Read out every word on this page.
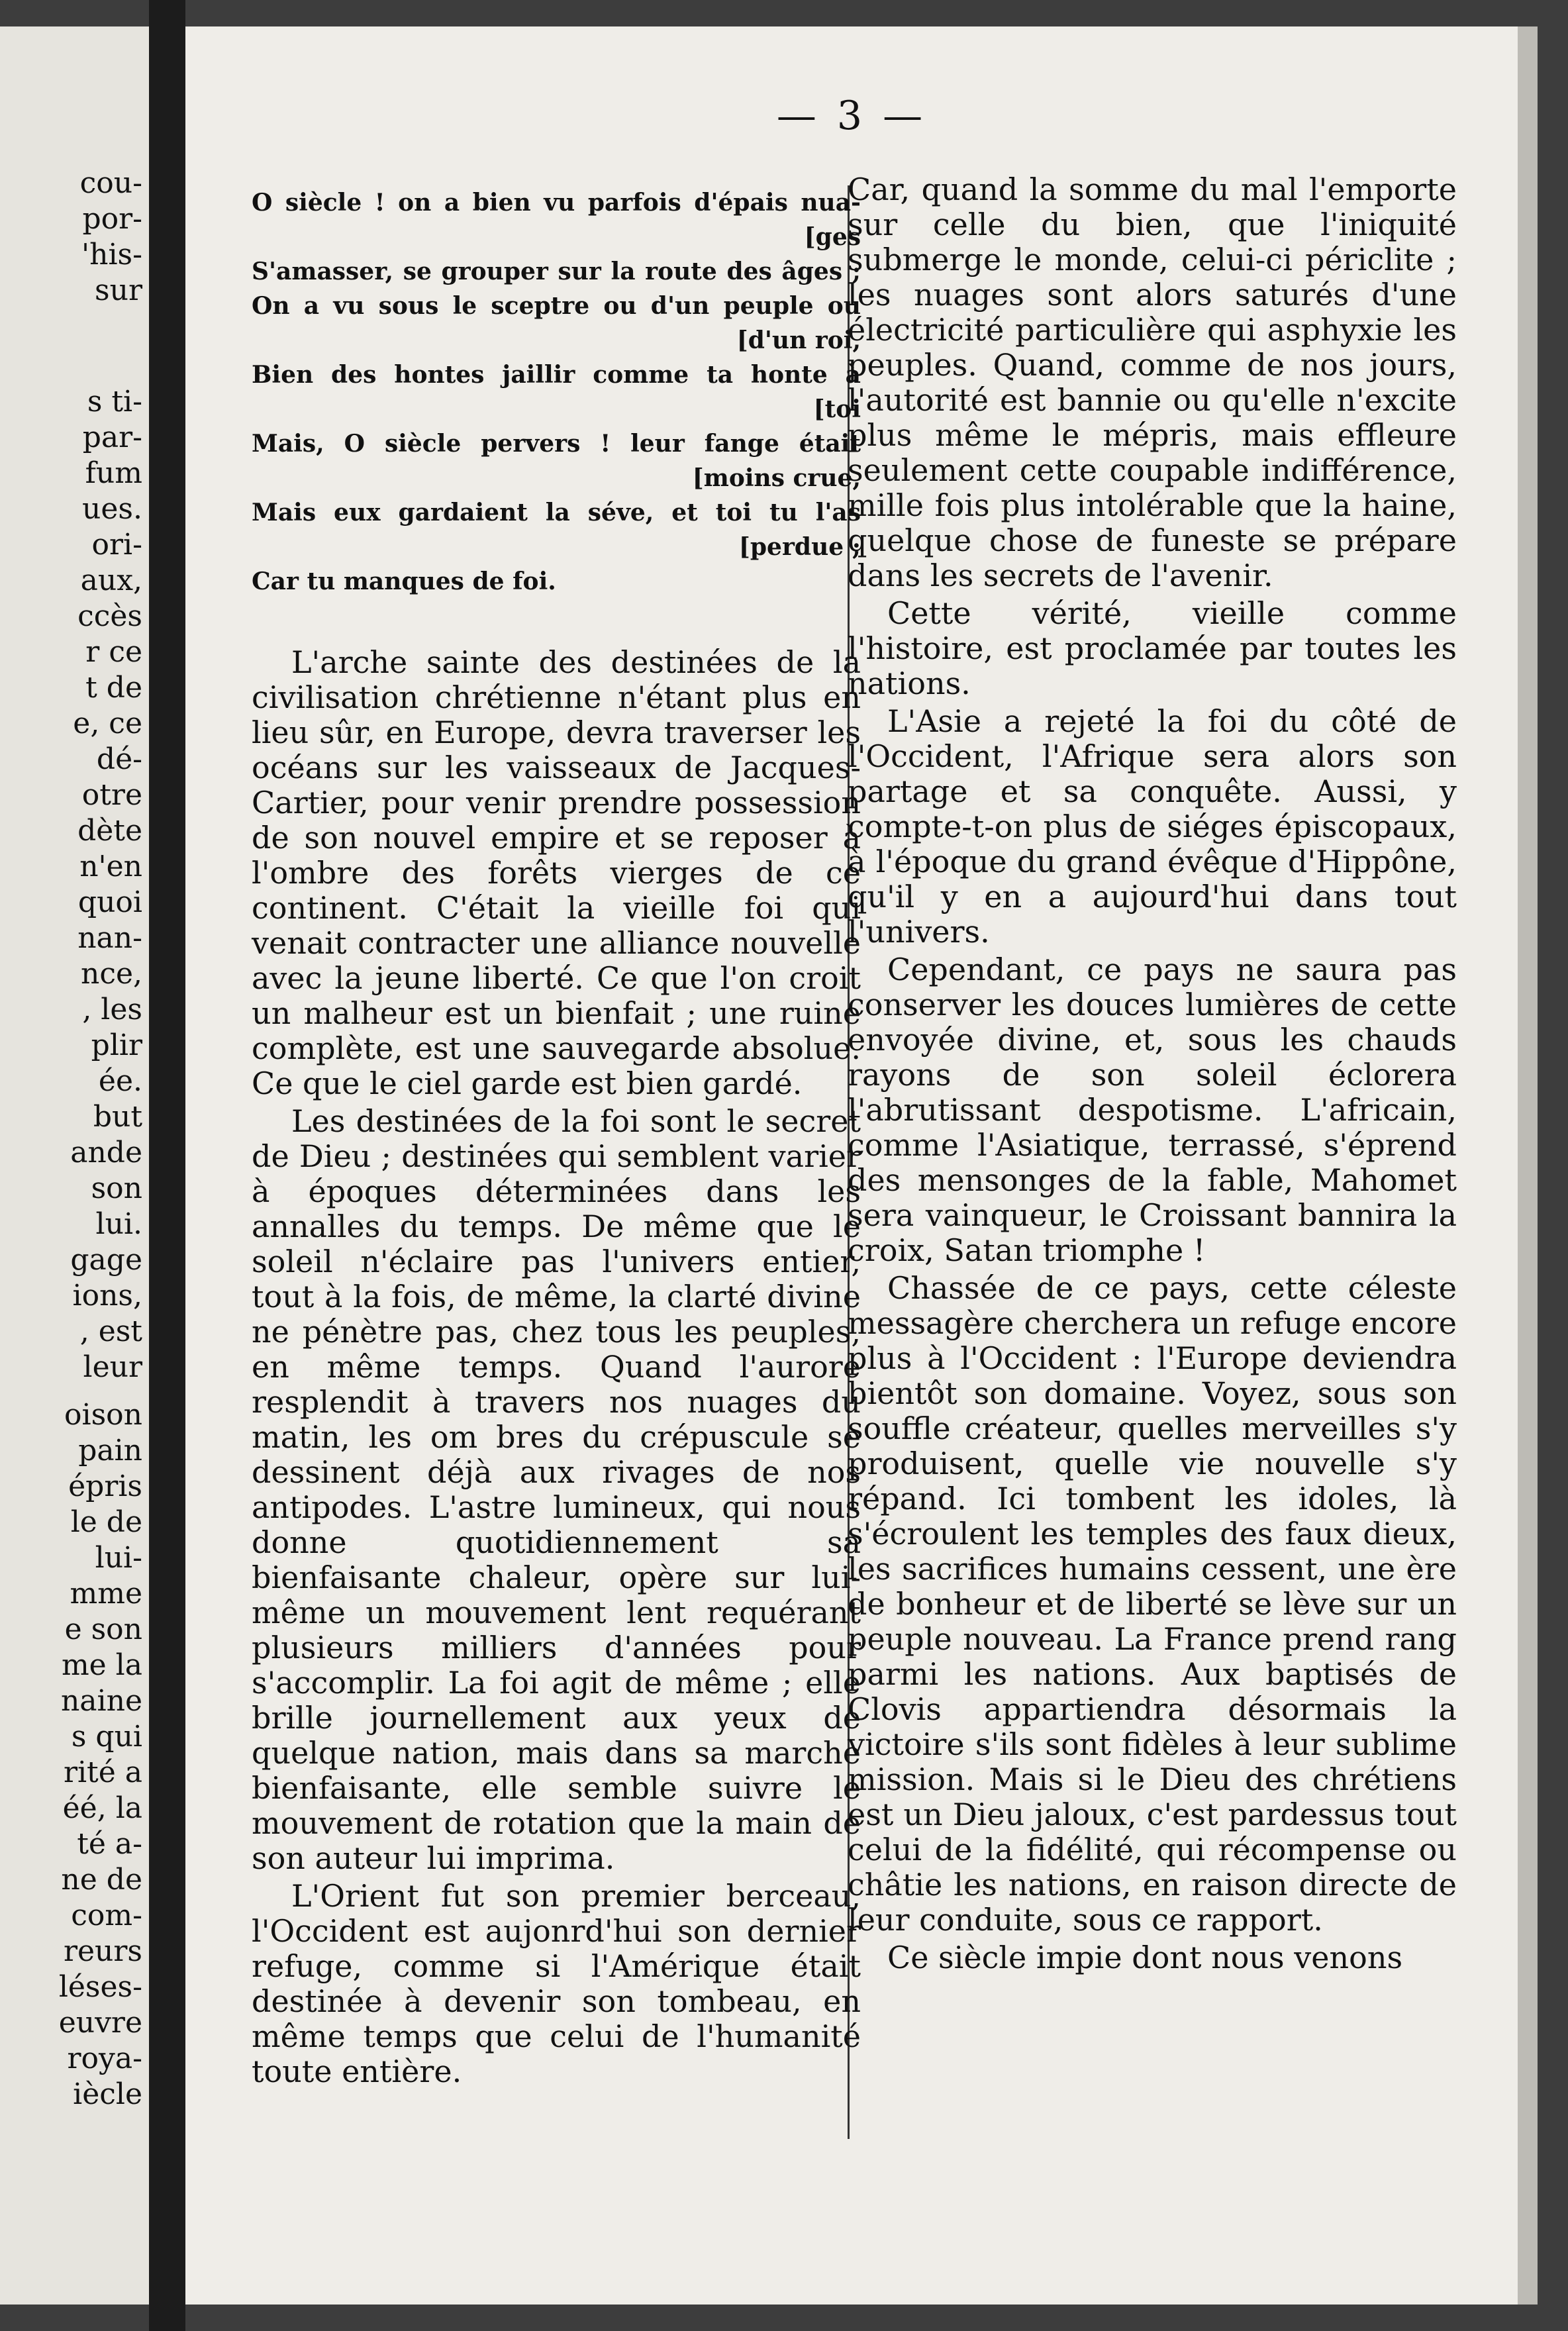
cou-
por-
'his-
sur
s ti-
par-
fum
ues.
ori-
aux,
ccès
r ce
t de
e, ce
dé-
otre
dète
n'en
quoi
nan-
nce,
, les
plir
ée.
but
ande
son
lui.
gage
ions,
, est
leur
oison
pain
épris
le de
lui-
mme
e son
me la
naine
s qui
rité a
éé, la
té a-
ne de
com-
reurs
léses-
euvre
roya-
iècle
— 3 —
O siècle ! on a bien vu parfois d'épais nua-
[ges
S'amasser, se grouper sur la route des âges ;
On a vu sous le sceptre ou d'un peuple ou
[d'un roi,
Bien des hontes jaillir comme ta honte à
[toi
Mais, O siècle pervers ! leur fange était
[moins crue,
Mais eux gardaient la séve, et toi tu l'as
[perdue ;
Car tu manques de foi.

L'arche sainte des destinées de la civilisation chrétienne n'étant plus en lieu sûr, en Europe, devra traverser les océans sur les vaisseaux de Jacques-Cartier, pour venir prendre possession de son nouvel empire et se reposer à l'ombre des forêts vierges de ce continent. C'était la vieille foi qui venait contracter une alliance nouvelle avec la jeune liberté. Ce que l'on croit un malheur est un bienfait ; une ruine complète, est une sauvegarde absolue. Ce que le ciel garde est bien gardé.

Les destinées de la foi sont le secret de Dieu ; destinées qui semblent varier à époques déterminées dans les annalles du temps. De même que le soleil n'éclaire pas l'univers entier, tout à la fois, de même, la clarté divine ne pénètre pas, chez tous les peuples, en même temps. Quand l'aurore resplendit à travers nos nuages du matin, les om bres du crépuscule se dessinent déjà aux rivages de nos antipodes. L'astre lumineux, qui nous donne quotidiennement sa bienfaisante chaleur, opère sur lui-même un mouvement lent requérant plusieurs milliers d'années pour s'accomplir. La foi agit de même ; elle brille journellement aux yeux de quelque nation, mais dans sa marche bienfaisante, elle semble suivre le mouvement de rotation que la main de son auteur lui imprima.

L'Orient fut son premier berceau, l'Occident est aujonrd'hui son dernier refuge, comme si l'Amérique était destinée à devenir son tombeau, en même temps que celui de l'humanité toute entière.

Car, quand la somme du mal l'emporte sur celle du bien, que l'iniquité submerge le monde, celui-ci périclite ; les nuages sont alors saturés d'une électricité particulière qui asphyxie les peuples. Quand, comme de nos jours, l'autorité est bannie ou qu'elle n'excite plus même le mépris, mais effleure seulement cette coupable indifférence, mille fois plus intolérable que la haine, quelque chose de funeste se prépare dans les secrets de l'avenir.

Cette vérité, vieille comme l'histoire, est proclamée par toutes les nations.

L'Asie a rejeté la foi du côté de l'Occident, l'Afrique sera alors son partage et sa conquête. Aussi, y compte-t-on plus de siéges épiscopaux, à l'époque du grand évêque d'Hippône, qu'il y en a aujourd'hui dans tout l'univers.

Cependant, ce pays ne saura pas conserver les douces lumières de cette envoyée divine, et, sous les chauds rayons de son soleil éclorera l'abrutissant despotisme. L'africain, comme l'Asiatique, terrassé, s'éprend des mensonges de la fable, Mahomet sera vainqueur, le Croissant bannira la croix, Satan triomphe !

Chassée de ce pays, cette céleste messagère cherchera un refuge encore plus à l'Occident : l'Europe deviendra bientôt son domaine. Voyez, sous son souffle créateur, quelles merveilles s'y produisent, quelle vie nouvelle s'y répand. Ici tombent les idoles, là s'écroulent les temples des faux dieux, les sacrifices humains cessent, une ère de bonheur et de liberté se lève sur un peuple nouveau. La France prend rang parmi les nations. Aux baptisés de Clovis appartiendra désormais la victoire s'ils sont fidèles à leur sublime mission. Mais si le Dieu des chrétiens est un Dieu jaloux, c'est pardessus tout celui de la fidélité, qui récompense ou châtie les nations, en raison directe de leur conduite, sous ce rapport.

Ce siècle impie dont nous venons
